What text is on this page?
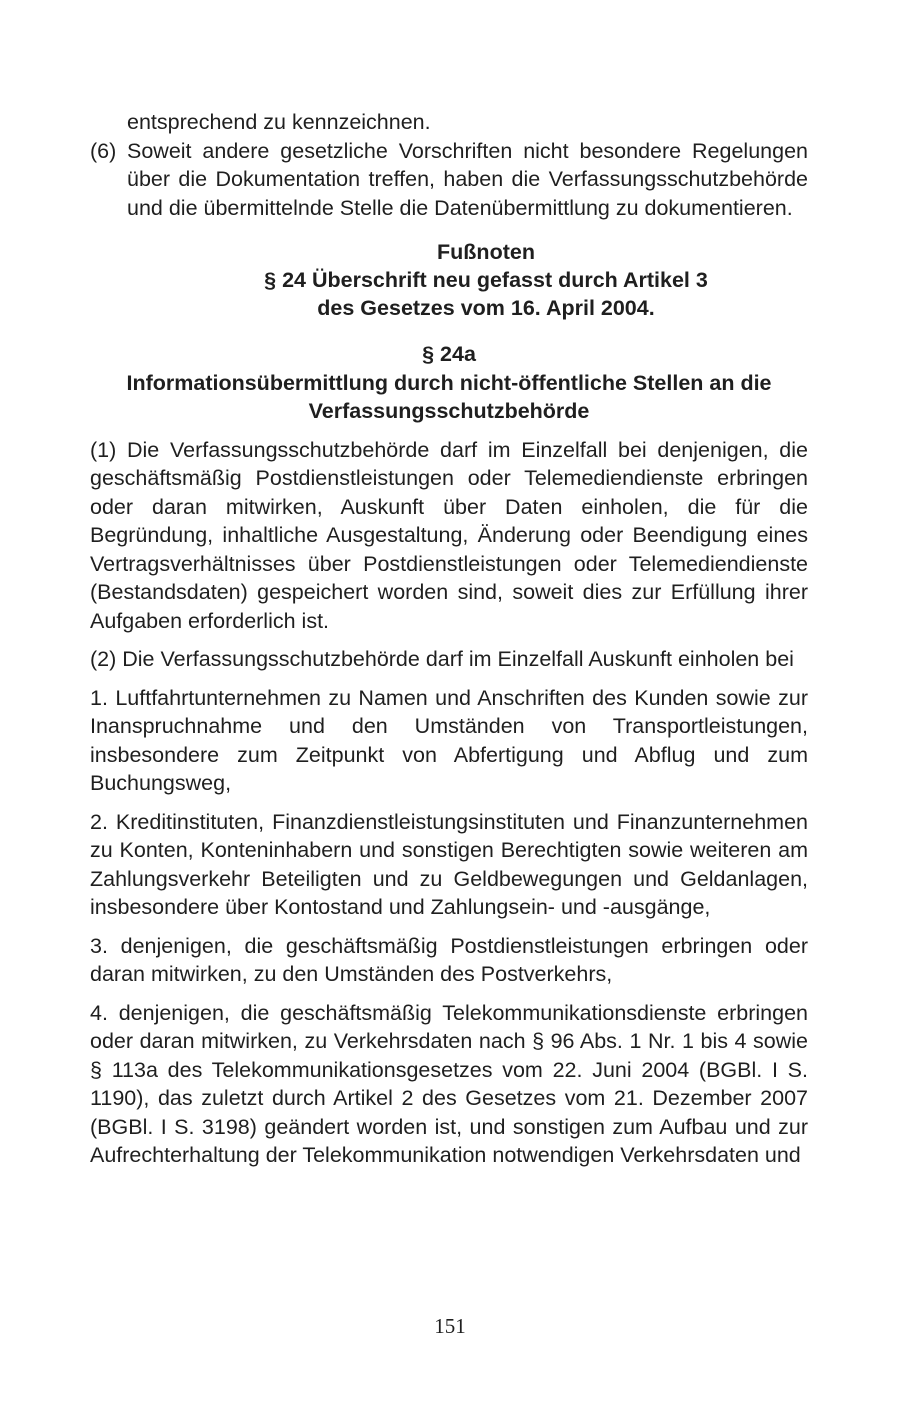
entsprechend zu kennzeichnen.

(6) Soweit andere gesetzliche Vorschriften nicht besondere Regelungen über die Dokumentation treffen, haben die Verfassungsschutzbehörde und die übermittelnde Stelle die Datenübermittlung zu dokumentieren.
Fußnoten
§ 24 Überschrift neu gefasst durch Artikel 3
des Gesetzes vom 16. April 2004.
§ 24a
Informationsübermittlung durch nicht-öffentliche Stellen an die Verfassungsschutzbehörde

(1) Die Verfassungsschutzbehörde darf im Einzelfall bei denjenigen, die geschäftsmäßig Postdienstleistungen oder Telemediendienste erbringen oder daran mitwirken, Auskunft über Daten einholen, die für die Begründung, inhaltliche Ausgestaltung, Änderung oder Beendigung eines Vertragsverhältnisses über Postdienstleistungen oder Telemediendienste (Bestandsdaten) gespeichert worden sind, soweit dies zur Erfüllung ihrer Aufgaben erforderlich ist.

(2) Die Verfassungsschutzbehörde darf im Einzelfall Auskunft einholen bei

1. Luftfahrtunternehmen zu Namen und Anschriften des Kunden sowie zur Inanspruchnahme und den Umständen von Transportleistungen, insbesondere zum Zeitpunkt von Abfertigung und Abflug und zum Buchungsweg,

2. Kreditinstituten, Finanzdienstleistungsinstituten und Finanzunternehmen zu Konten, Konteninhabern und sonstigen Berechtigten sowie weiteren am Zahlungsverkehr Beteiligten und zu Geldbewegungen und Geldanlagen, insbesondere über Kontostand und Zahlungsein- und -ausgänge,

3. denjenigen, die geschäftsmäßig Postdienstleistungen erbringen oder daran mitwirken, zu den Umständen des Postverkehrs,

4. denjenigen, die geschäftsmäßig Telekommunikationsdienste erbringen oder daran mitwirken, zu Verkehrsdaten nach § 96 Abs. 1 Nr. 1 bis 4 sowie § 113a des Telekommunikationsgesetzes vom 22. Juni 2004 (BGBl. I S. 1190), das zuletzt durch Artikel 2 des Gesetzes vom 21. Dezember 2007 (BGBl. I S. 3198) geändert worden ist, und sonstigen zum Aufbau und zur Aufrechterhaltung der Telekommunikation notwendigen Verkehrsdaten und

151
